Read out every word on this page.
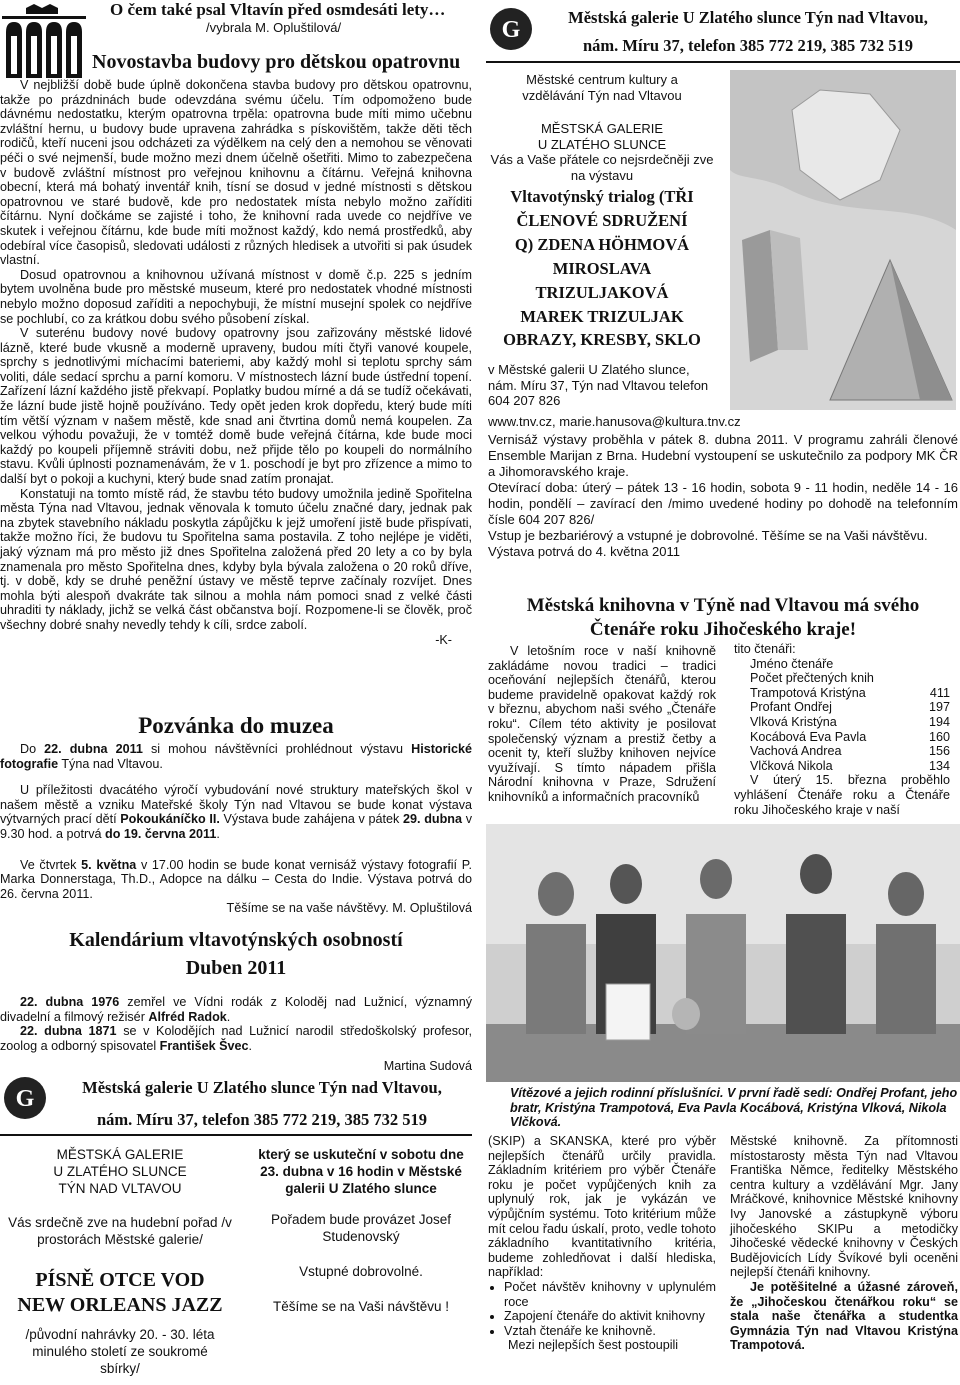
O čem také psal Vltavín před osmdesáti lety…
/vybrala M. Opluštilová/
Novostavba budovy pro dětskou opatrovnu

V nejbližší době bude úplně dokončena stavba budovy pro dětskou opatrovnu, takže po prázdninách bude odevzdána svému účelu. Tím odpomoženo bude dávnému nedostatku, kterým opatrovna trpěla: opatrovna bude míti mimo učebnu zvláštní hernu, u budovy bude upravena zahrádka s pískovištěm, takže děti těch rodičů, kteří nuceni jsou odcházeti za výdělkem na celý den a nemohou se věnovati péči o své nejmenší, bude možno mezi dnem účelně ošetřiti. Mimo to zabezpečena v budově zvláštní místnost pro veřejnou knihovnu a čítárnu. Veřejná knihovna obecní, která má bohatý inventář knih, tísní se dosud v jedné místnosti s dětskou opatrovnou ve staré budově, kde pro nedostatek místa nebylo možno zaříditi čítárnu. Nyní dočkáme se zajisté i toho, že knihovní rada uvede co nejdříve ve skutek i veřejnou čítárnu, kde bude míti možnost každý, kdo nemá prostředků, aby odebíral více časopisů, sledovati události z různých hledisek a utvořiti si pak úsudek vlastní.

Dosud opatrovnou a knihovnou užívaná místnost v domě č.p. 225 s jedním bytem uvolněna bude pro městské museum, které pro nedostatek vhodné místnosti nebylo možno doposud zaříditi a nepochybuji, že místní musejní spolek co nejdříve se pochlubí, co za krátkou dobu svého působení získal.

V suterénu budovy nové budovy opatrovny jsou zařizovány městské lidové lázně, které bude vkusně a moderně upraveny, budou míti čtyři vanové koupele, sprchy s jednotlivými míchacími bateriemi, aby každý mohl si teplotu sprchy sám voliti, dále sedací sprchu a parní komoru. V místnostech lázní bude ústřední topení. Zařízení lázní každého jistě překvapí. Poplatky budou mírné a dá se tudíž očekávati, že lázní bude jistě hojně používáno. Tedy opět jeden krok dopředu, který bude míti tím větší význam v našem městě, kde snad ani čtvrtina domů nemá koupelen. Za velkou výhodu považuji, že v tomtéž domě bude veřejná čítárna, kde bude moci každý po koupeli příjemně stráviti dobu, než přijde tělo po koupeli do normálního stavu. Kvůli úplnosti poznamenávám, že v 1. poschodí je byt pro zřízence a mimo to další byt o pokoji a kuchyni, který bude snad zatím pronajat.

Konstatuji na tomto místě rád, že stavbu této budovy umožnila jedině Spořitelna města Týna nad Vltavou, jednak věnovala k tomuto účelu značné dary, jednak pak na zbytek stavebního nákladu poskytla zápůjčku k jejž umoření jistě bude přispívati, takže možno říci, že budovu tu Spořitelna sama postavila. Z toho nejlépe je viděti, jaký význam má pro město již dnes Spořitelna založená před 20 lety a co by byla znamenala pro město Spořitelna dnes, kdyby byla bývala založena o 20 roků dříve, tj. v době, kdy se druhé peněžní ústavy ve městě teprve začínaly rozvíjet. Dnes mohla býti alespoň dvakráte tak silnou a mohla nám pomoci snad z velké části uhraditi ty náklady, jichž se velká část občanstva bojí. Rozpomene-li se člověk, proč všechny dobré snahy nevedly tehdy k cíli, srdce zabolí.

-K-

Pozvánka do muzea

Do 22. dubna 2011 si mohou návštěvníci prohlédnout výstavu Historické fotografie Týna nad Vltavou.

U příležitosti dvacátého výročí vybudování nové struktury mateřských škol v našem městě a vzniku Mateřské školy Týn nad Vltavou se bude konat výstava výtvarných prací dětí Pokoukáníčko II. Výstava bude zahájena v pátek 29. dubna v 9.30 hod. a potrvá do 19. června 2011.

Ve čtvrtek 5. května v 17.00 hodin se bude konat vernisáž výstavy fotografií P. Marka Donnerstaga, Th.D., Adopce na dálku – Cesta do Indie. Výstava potrvá do 26. června 2011.

Těšíme se na vaše návštěvy. M. Opluštilová

Kalendárium vltavotýnských osobností
Duben 2011

22. dubna 1976 zemřel ve Vídni rodák z Koloděj nad Lužnicí, významný divadelní a filmový režisér Alfréd Radok.

22. dubna 1871 se v Kolodějích nad Lužnicí narodil středoškolský profesor, zoolog a odborný spisovatel František Švec.

Martina Sudová

G	Městská galerie U Zlatého slunce Týn nad Vltavou,
nám. Míru 37, telefon 385 772 219, 385 732 519
MĚSTSKÁ GALERIE
U ZLATÉHO SLUNCE
TÝN NAD VLTAVOU
Vás srdečně zve na hudební pořad /v prostorách Městské galerie/
PÍSNĚ OTCE VOD
NEW ORLEANS JAZZ
/původní nahrávky 20. - 30. léta minulého století ze soukromé sbírky/
který se uskuteční v sobotu dne 23. dubna v 16 hodin v Městské galerii U Zlatého slunce
Pořadem bude provázet Josef Studenovský
Vstupné dobrovolné.
Těšíme se na Vaši návštěvu !
G	Městská galerie U Zlatého slunce Týn nad Vltavou,
nám. Míru 37, telefon 385 772 219, 385 732 519
Městské centrum kultury a vzdělávání Týn nad Vltavou
MĚSTSKÁ GALERIE
U ZLATÉHO SLUNCE
Vás a Vaše přátele co nejsrdečněji zve na výstavu
Vltavotýnský trialog (TŘI ČLENOVÉ SDRUŽENÍ Q) ZDENA HÖHMOVÁ MIROSLAVA TRIZULJAKOVÁ MAREK TRIZULJAK
OBRAZY, KRESBY, SKLO
v Městské galerii U Zlatého slunce, nám. Míru 37, Týn nad Vltavou telefon 604 207 826
www.tnv.cz, marie.hanusova@kultura.tnv.cz

Vernisáž výstavy proběhla v pátek 8. dubna 2011. V programu zahráli členové Ensemble Marijan z Brna. Hudební vystoupení se uskutečnilo za podpory MK ČR a Jihomoravského kraje.

Otevírací doba: úterý – pátek 13 - 16 hodin, sobota 9 - 11 hodin, neděle 14 - 16 hodin, pondělí – zavírací den /mimo uvedené hodiny po dohodě na telefonním čísle 604 207 826/

Vstup je bezbariérový a vstupné je dobrovolné. Těšíme se na Vaši návštěvu.

Výstava potrvá do 4. května 2011

Městská knihovna v Týně nad Vltavou má svého
Čtenáře roku Jihočeského kraje!
V letošním roce v naší knihovně zakládáme novou tradici – tradici oceňování nejlepších čtenářů, kterou budeme pravidelně opakovat každý rok v březnu, abychom naši svého „Čtenáře roku“. Cílem této aktivity je posilovat společenský význam a prestiž četby a ocenit ty, kteří služby knihoven nejvíce využívají. S tímto nápadem přišla Národní knihovna v Praze, Sdružení knihovníků a informačních pracovníků
tito čtenáři:
Jméno čtenáře
Počet přečtených knih
Trampotová Kristýna	411
Profant Ondřej	197
Vlková Kristýna	194
Kocábová Eva Pavla	160
Vachová Andrea	156
Vlčková Nikola	134
V úterý 15. března proběhlo vyhlášení Čtenáře roku a Čtenáře roku Jihočeského kraje v naší
Vítězové a jejich rodinní příslušníci. V první řadě sedí: Ondřej Profant, jeho bratr, Kristýna Trampotová, Eva Pavla Kocábová, Kristýna Vlková, Nikola Vlčková.

(SKIP) a SKANSKA, které pro výběr nejlepších čtenářů určily pravidla. Základním kritériem pro výběr Čtenáře roku je počet vypůjčených knih za uplynulý rok, jak je vykázán ve výpůjčním systému. Toto kritérium může mít celou řadu úskalí, proto, vedle tohoto základního kvantitativního kritéria, budeme zohledňovat i další hlediska, například:

• Počet návštěv knihovny v uplynulém roce
• Zapojení čtenáře do aktivit knihovny
• Vztah čtenáře ke knihovně.

Mezi nejlepších šest postoupili

Městské knihovně. Za přítomnosti místostarosty města Týn nad Vltavou Františka Němce, ředitelky Městského centra kultury a vzdělávání Mgr. Jany Mráčkové, knihovnice Městské knihovny Ivy Janovské a zástupkyně výboru jihočeského SKIPu a metodičky Jihočeské vědecké knihovny v Českých Budějovicích Lídy Švíkové byli oceněni nejlepší čtenáři knihovny.

Je potěšitelné a úžasné zároveň, že „Jihočeskou čtenářkou roku“ se stala naše čtenářka a studentka Gymnázia Týn nad Vltavou Kristýna Trampotová.
